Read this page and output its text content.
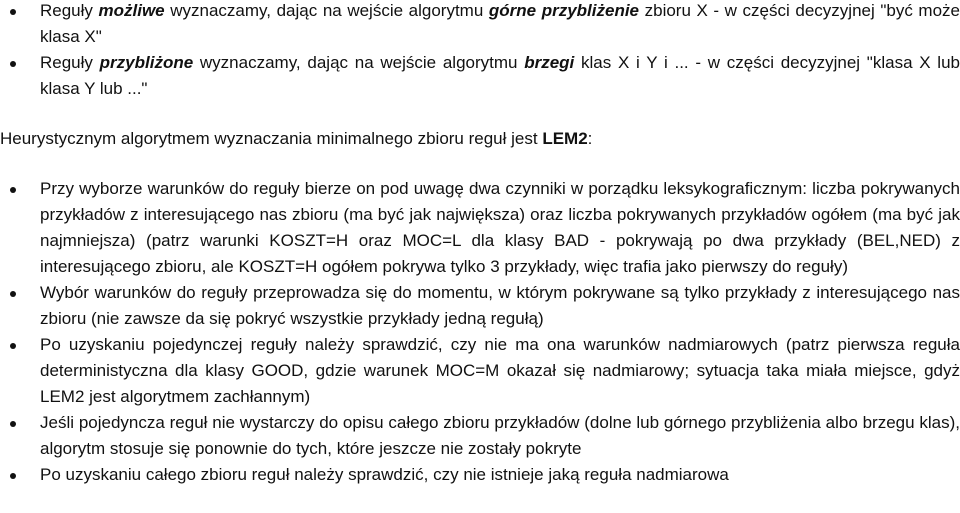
Reguły możliwe wyznaczamy, dając na wejście algorytmu górne przybliżenie zbioru X - w części decyzyjnej "być może klasa X"
Reguły przybliżone wyznaczamy, dając na wejście algorytmu brzegi klas X i Y i ... - w części decyzyjnej "klasa X lub klasa Y lub ..."
Heurystycznym algorytmem wyznaczania minimalnego zbioru reguł jest LEM2:
Przy wyborze warunków do reguły bierze on pod uwagę dwa czynniki w porządku leksykograficznym: liczba pokrywanych przykładów z interesującego nas zbioru (ma być jak największa) oraz liczba pokrywanych przykładów ogółem (ma być jak najmniejsza) (patrz warunki KOSZT=H oraz MOC=L dla klasy BAD - pokrywają po dwa przykłady (BEL,NED) z interesującego zbioru, ale KOSZT=H ogółem pokrywa tylko 3 przykłady, więc trafia jako pierwszy do reguły)
Wybór warunków do reguły przeprowadza się do momentu, w którym pokrywane są tylko przykłady z interesującego nas zbioru (nie zawsze da się pokryć wszystkie przykłady jedną regułą)
Po uzyskaniu pojedynczej reguły należy sprawdzić, czy nie ma ona warunków nadmiarowych (patrz pierwsza reguła deterministyczna dla klasy GOOD, gdzie warunek MOC=M okazał się nadmiarowy; sytuacja taka miała miejsce, gdyż LEM2 jest algorytmem zachłannym)
Jeśli pojedyncza reguł nie wystarczy do opisu całego zbioru przykładów (dolne lub górnego przybliżenia albo brzegu klas), algorytm stosuje się ponownie do tych, które jeszcze nie zostały pokryte
Po uzyskaniu całego zbioru reguł należy sprawdzić, czy nie istnieje jaką reguła nadmiarowa
